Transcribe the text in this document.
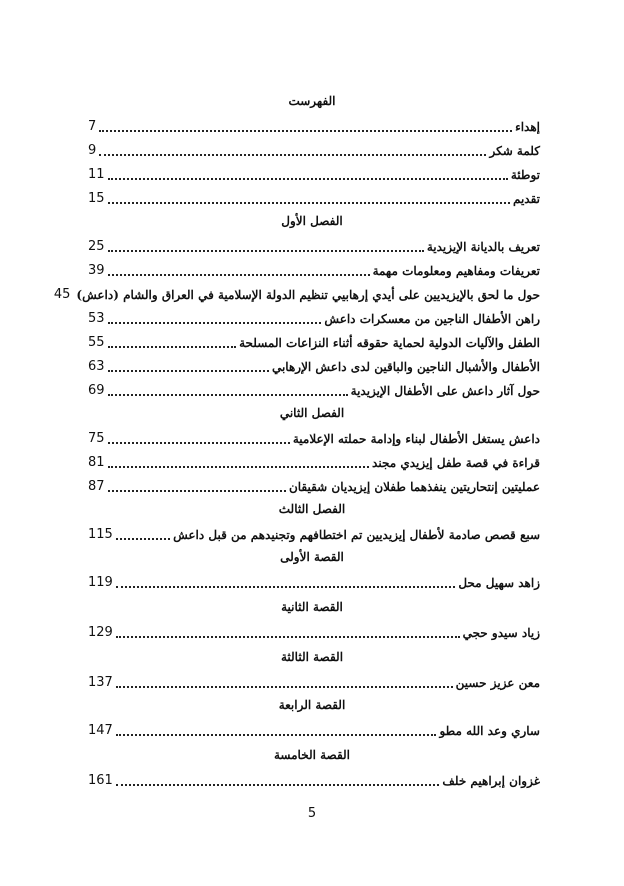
الفهرست
إهداء
7
كلمة شكر
9
توطئة
11
تقديم
15
الفصل الأول
تعريف بالديانة الإيزيدية
25
تعريفات ومفاهيم ومعلومات مهمة
39
حول ما لحق بالإيزيديين على أيدي إرهابيي تنظيم الدولة الإسلامية في العراق والشام (داعش)
45
راهن الأطفال الناجين من معسكرات داعش
53
الطفل والآليات الدولية لحماية حقوقه أثناء النزاعات المسلحة
55
الأطفال والأشبال الناجين والباقين لدى داعش الإرهابي
63
حول آثار داعش على الأطفال الإيزيدية
69
الفصل الثاني
داعش يستغل الأطفال لبناء وإدامة حملته الإعلامية
75
قراءة في قصة طفل إيزيدي مجند
81
عمليتين إنتحاريتين ينفذهما طفلان إيزيديان شقيقان
87
الفصل الثالث
سبع قصص صادمة لأطفال إيزيديين تم اختطافهم وتجنيدهم من قبل داعش
115
القصة الأولى
زاهد سهيل محل
119
القصة الثانية
زياد سيدو حجي
129
القصة الثالثة
معن عزيز حسين
137
القصة الرابعة
ساري وعد الله مطو
147
القصة الخامسة
غزوان إبراهيم خلف
161
5
